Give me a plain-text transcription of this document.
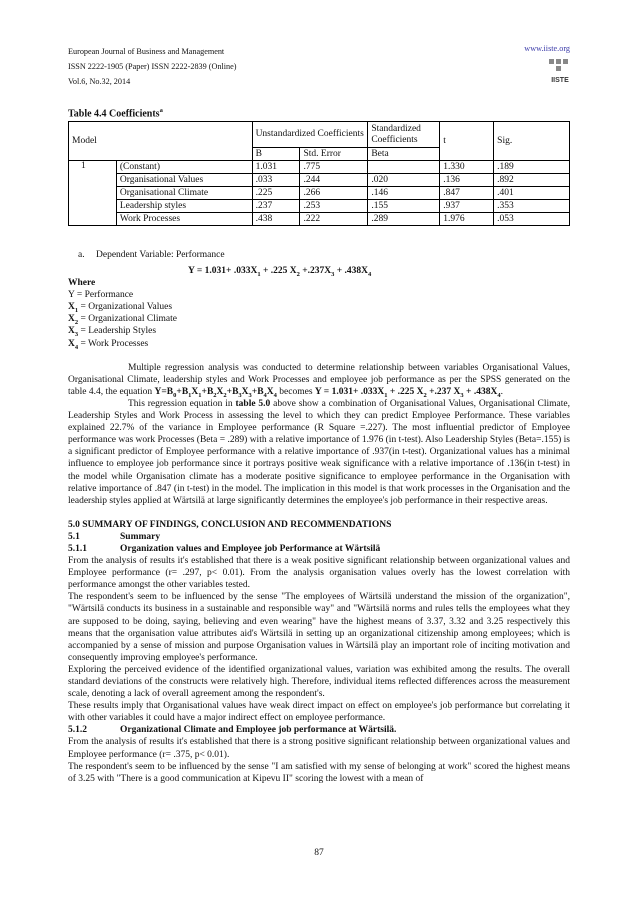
European Journal of Business and Management
ISSN 2222-1905 (Paper) ISSN 2222-2839 (Online)
Vol.6, No.32, 2014
www.iiste.org
IISTE
Table 4.4 Coefficients$^a$
Model		Unstandardized Coefficients		Standardized Coefficients	t	Sig.
		B	Std. Error	Beta		
1	(Constant)	1.031	.775		1.330	.189
	Organisational Values	.033	.244	.020	.136	.892
	Organisational Climate	.225	.266	.146	.847	.401
	Leadership styles	.237	.253	.155	.937	.353
	Work Processes	.438	.222	.289	1.976	.053
a. Dependent Variable: Performance

$Y = 1.031+ .033X_1 + .225$ $X_2 +.237X_3 + .438X_4$

Where

Y = Performance

$X_1$ = Organizational Values

$X_2$ = Organizational Climate

$X_3$ = Leadership Styles

$X_4$ = Work Processes

Multiple regression analysis was conducted to determine relationship between variables Organisational Values, Organisational Climate, leadership styles and Work Processes and employee job performance as per the SPSS generated on the table 4.4, the equation $Y=B_0+B_1X_1+B_2X_2+B_3X_3+B_4X_4$ becomes $Y = 1.031+ .033X_1 + .225$ $X_2 +.237$ $X_3 + .438X_4$.

This regression equation in table 5.0 above show a combination of Organisational Values, Organisational Climate, Leadership Styles and Work Process in assessing the level to which they can predict Employee Performance. These variables explained 22.7% of the variance in Employee performance (R Square =.227). The most influential predictor of Employee performance was work Processes (Beta = .289) with a relative importance of 1.976 (in t-test). Also Leadership Styles (Beta=.155) is a significant predictor of Employee performance with a relative importance of .937(in t-test). Organizational values has a minimal influence to employee job performance since it portrays positive weak significance with a relative importance of .136(in t-test) in the model while Organisation climate has a moderate positive significance to employee performance in the Organisation with relative importance of .847 (in t-test) in the model. The implication in this model is that work processes in the Organisation and the leadership styles applied at Wärtsilä at large significantly determines the employee's job performance in their respective areas.

5.0 SUMMARY OF FINDINGS, CONCLUSION AND RECOMMENDATIONS

5.1	Summary

5.1.1	Organization values and Employee job Performance at Wärtsilä

From the analysis of results it's established that there is a weak positive significant relationship between organizational values and Employee performance (r= .297, p< 0.01). From the analysis organisation values overly has the lowest correlation with performance amongst the other variables tested.

The respondent's seem to be influenced by the sense "The employees of Wärtsilä understand the mission of the organization", "Wärtsilä conducts its business in a sustainable and responsible way" and "Wärtsilä norms and rules tells the employees what they are supposed to be doing, saying, believing and even wearing" have the highest means of 3.37, 3.32 and 3.25 respectively this means that the organisation value attributes aid's Wärtsilä in setting up an organizational citizenship among employees; which is accompanied by a sense of mission and purpose Organisation values in Wärtsilä play an important role of inciting motivation and consequently improving employee's performance.

Exploring the perceived evidence of the identified organizational values, variation was exhibited among the results. The overall standard deviations of the constructs were relatively high. Therefore, individual items reflected differences across the measurement scale, denoting a lack of overall agreement among the respondent's.

These results imply that Organisational values have weak direct impact on effect on employee's job performance but correlating it with other variables it could have a major indirect effect on employee performance.

5.1.2	Organizational Climate and Employee job performance at Wärtsilä.

From the analysis of results it's established that there is a strong positive significant relationship between organizational values and Employee performance (r= .375, p< 0.01).

The respondent's seem to be influenced by the sense "I am satisfied with my sense of belonging at work" scored the highest means of 3.25 with "There is a good communication at Kipevu II" scoring the lowest with a mean of

87
